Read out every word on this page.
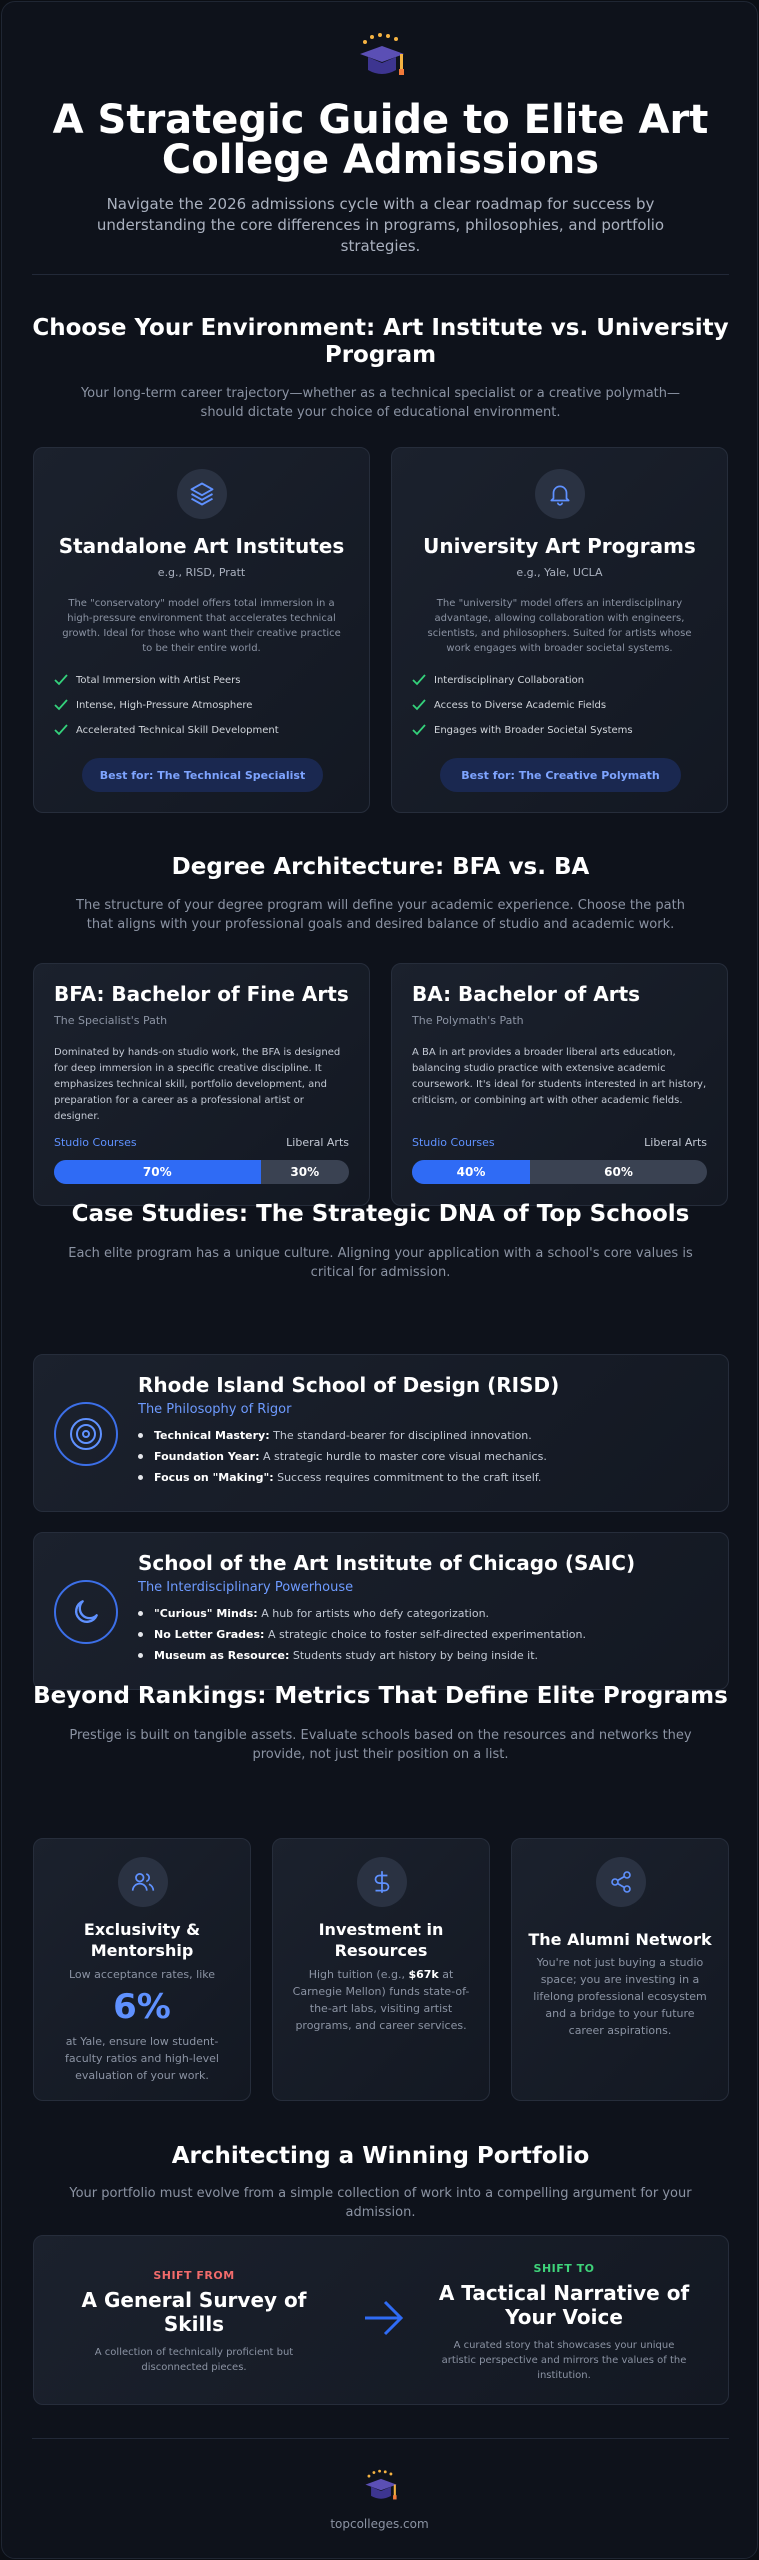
A Strategic Guide to Elite Art College Admissions
Navigate the 2026 admissions cycle with a clear roadmap for success by understanding the core differences in programs, philosophies, and portfolio strategies.
Choose Your Environment: Art Institute vs. University Program
Your long-term career trajectory—whether as a technical specialist or a creative polymath—should dictate your choice of educational environment.
Standalone Art Institutes
e.g., RISD, Pratt
The "conservatory" model offers total immersion in a high-pressure environment that accelerates technical growth. Ideal for those who want their creative practice to be their entire world.
Total Immersion with Artist Peers
Intense, High-Pressure Atmosphere
Accelerated Technical Skill Development
Best for: The Technical Specialist
University Art Programs
e.g., Yale, UCLA
The "university" model offers an interdisciplinary advantage, allowing collaboration with engineers, scientists, and philosophers. Suited for artists whose work engages with broader societal systems.
Interdisciplinary Collaboration
Access to Diverse Academic Fields
Engages with Broader Societal Systems
Best for: The Creative Polymath
Degree Architecture: BFA vs. BA
The structure of your degree program will define your academic experience. Choose the path that aligns with your professional goals and desired balance of studio and academic work.
BFA: Bachelor of Fine Arts
The Specialist's Path
Dominated by hands-on studio work, the BFA is designed for deep immersion in a specific creative discipline. It emphasizes technical skill, portfolio development, and preparation for a career as a professional artist or designer.
Studio Courses	Liberal Arts
70%	30%
BA: Bachelor of Arts
The Polymath's Path
A BA in art provides a broader liberal arts education, balancing studio practice with extensive academic coursework. It's ideal for students interested in art history, criticism, or combining art with other academic fields.
Studio Courses	Liberal Arts
40%	60%
Case Studies: The Strategic DNA of Top Schools
Each elite program has a unique culture. Aligning your application with a school's core values is critical for admission.
Rhode Island School of Design (RISD)
The Philosophy of Rigor
Technical Mastery: The standard-bearer for disciplined innovation.
Foundation Year: A strategic hurdle to master core visual mechanics.
Focus on "Making": Success requires commitment to the craft itself.
School of the Art Institute of Chicago (SAIC)
The Interdisciplinary Powerhouse
"Curious" Minds: A hub for artists who defy categorization.
No Letter Grades: A strategic choice to foster self-directed experimentation.
Museum as Resource: Students study art history by being inside it.
Beyond Rankings: Metrics That Define Elite Programs
Prestige is built on tangible assets. Evaluate schools based on the resources and networks they provide, not just their position on a list.
Exclusivity & Mentorship
Low acceptance rates, like
6%
at Yale, ensure low student-faculty ratios and high-level evaluation of your work.
Investment in Resources
High tuition (e.g., $67k at Carnegie Mellon) funds state-of-the-art labs, visiting artist programs, and career services.
The Alumni Network
You're not just buying a studio space; you are investing in a lifelong professional ecosystem and a bridge to your future career aspirations.
Architecting a Winning Portfolio
Your portfolio must evolve from a simple collection of work into a compelling argument for your admission.
SHIFT FROM
A General Survey of Skills
A collection of technically proficient but disconnected pieces.
SHIFT TO
A Tactical Narrative of Your Voice
A curated story that showcases your unique artistic perspective and mirrors the values of the institution.
topcolleges.com
